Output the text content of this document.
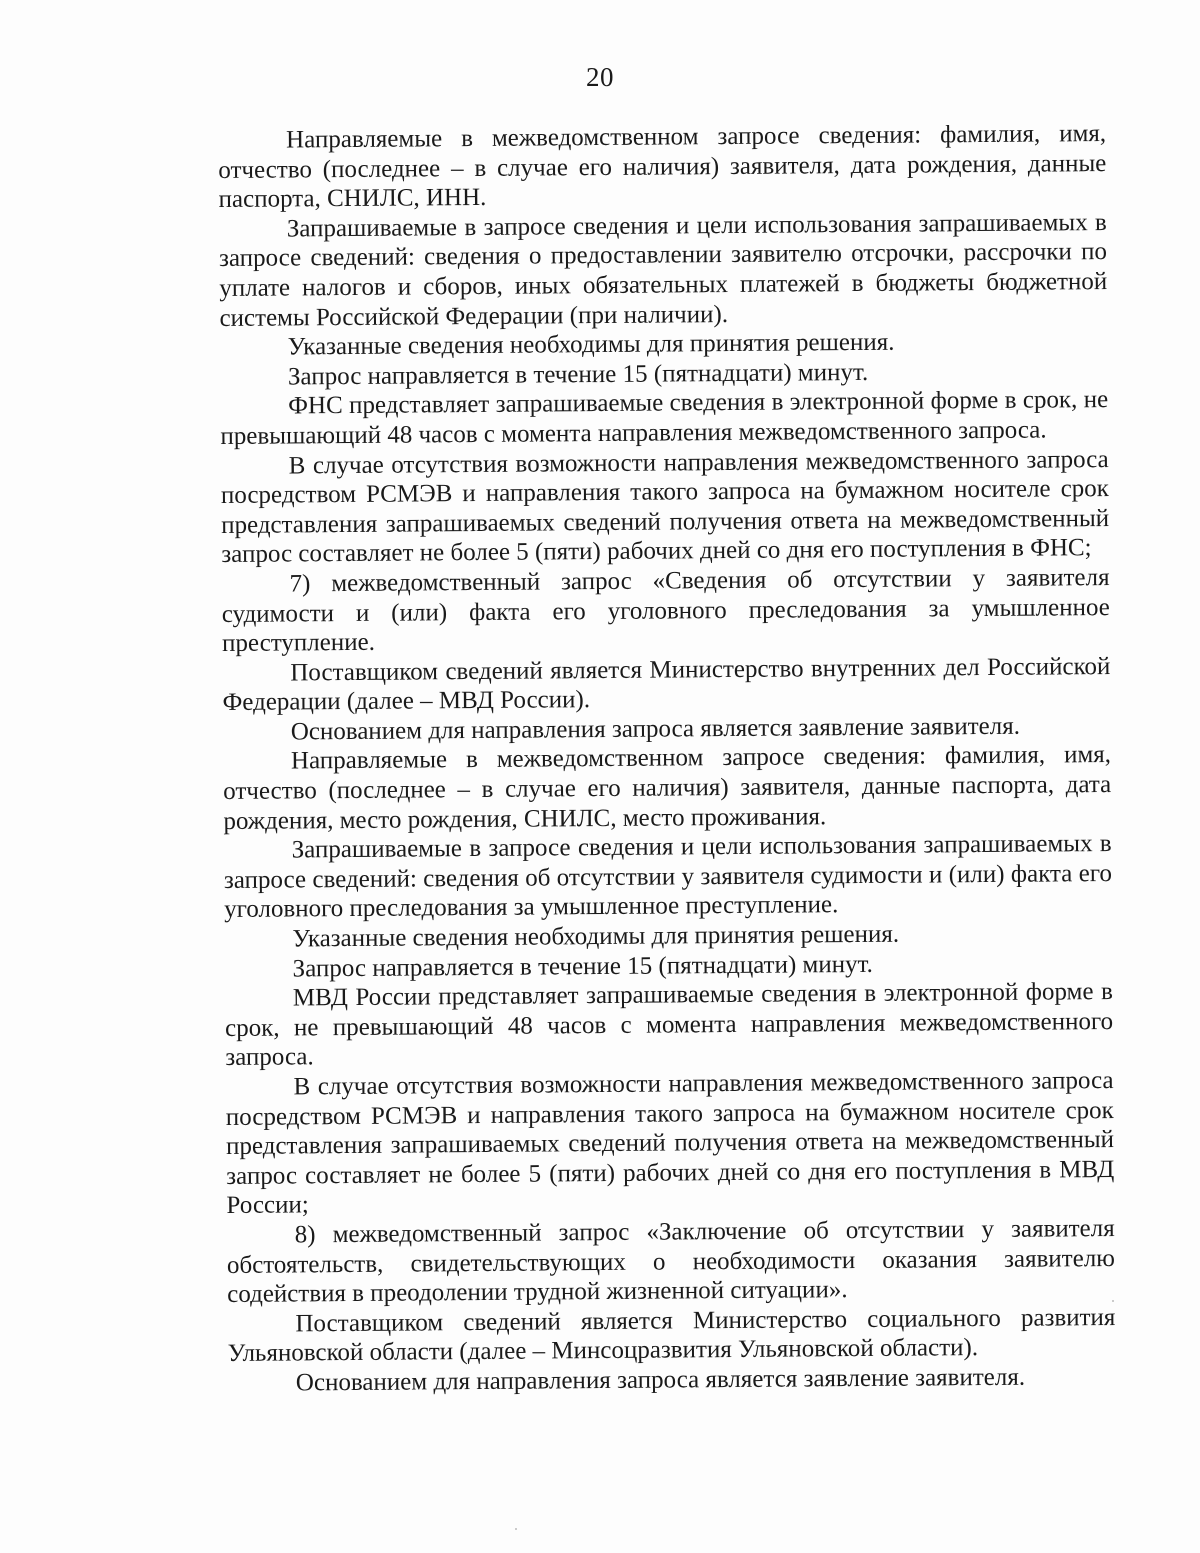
20

Направляемые в межведомственном запросе сведения: фамилия, имя, отчество (последнее – в случае его наличия) заявителя, дата рождения, данные паспорта, СНИЛС, ИНН.

Запрашиваемые в запросе сведения и цели использования запрашиваемых в запросе сведений: сведения о предоставлении заявителю отсрочки, рассрочки по уплате налогов и сборов, иных обязательных платежей в бюджеты бюджетной системы Российской Федерации (при наличии).

Указанные сведения необходимы для принятия решения.

Запрос направляется в течение 15 (пятнадцати) минут.

ФНС представляет запрашиваемые сведения в электронной форме в срок, не превышающий 48 часов с момента направления межведомственного запроса.

В случае отсутствия возможности направления межведомственного запроса посредством РСМЭВ и направления такого запроса на бумажном носителе срок представления запрашиваемых сведений получения ответа на межведомственный запрос составляет не более 5 (пяти) рабочих дней со дня его поступления в ФНС;

7) межведомственный запрос «Сведения об отсутствии у заявителя судимости и (или) факта его уголовного преследования за умышленное преступление.

Поставщиком сведений является Министерство внутренних дел Российской Федерации (далее – МВД России).

Основанием для направления запроса является заявление заявителя.

Направляемые в межведомственном запросе сведения: фамилия, имя, отчество (последнее – в случае его наличия) заявителя, данные паспорта, дата рождения, место рождения, СНИЛС, место проживания.

Запрашиваемые в запросе сведения и цели использования запрашиваемых в запросе сведений: сведения об отсутствии у заявителя судимости и (или) факта его уголовного преследования за умышленное преступление.

Указанные сведения необходимы для принятия решения.

Запрос направляется в течение 15 (пятнадцати) минут.

МВД России представляет запрашиваемые сведения в электронной форме в срок, не превышающий 48 часов с момента направления межведомственного запроса.

В случае отсутствия возможности направления межведомственного запроса посредством РСМЭВ и направления такого запроса на бумажном носителе срок представления запрашиваемых сведений получения ответа на межведомственный запрос составляет не более 5 (пяти) рабочих дней со дня его поступления в МВД России;

8) межведомственный запрос «Заключение об отсутствии у заявителя обстоятельств, свидетельствующих о необходимости оказания заявителю содействия в преодолении трудной жизненной ситуации».

Поставщиком сведений является Министерство социального развития Ульяновской области (далее – Минсоцразвития Ульяновской области).

Основанием для направления запроса является заявление заявителя.
